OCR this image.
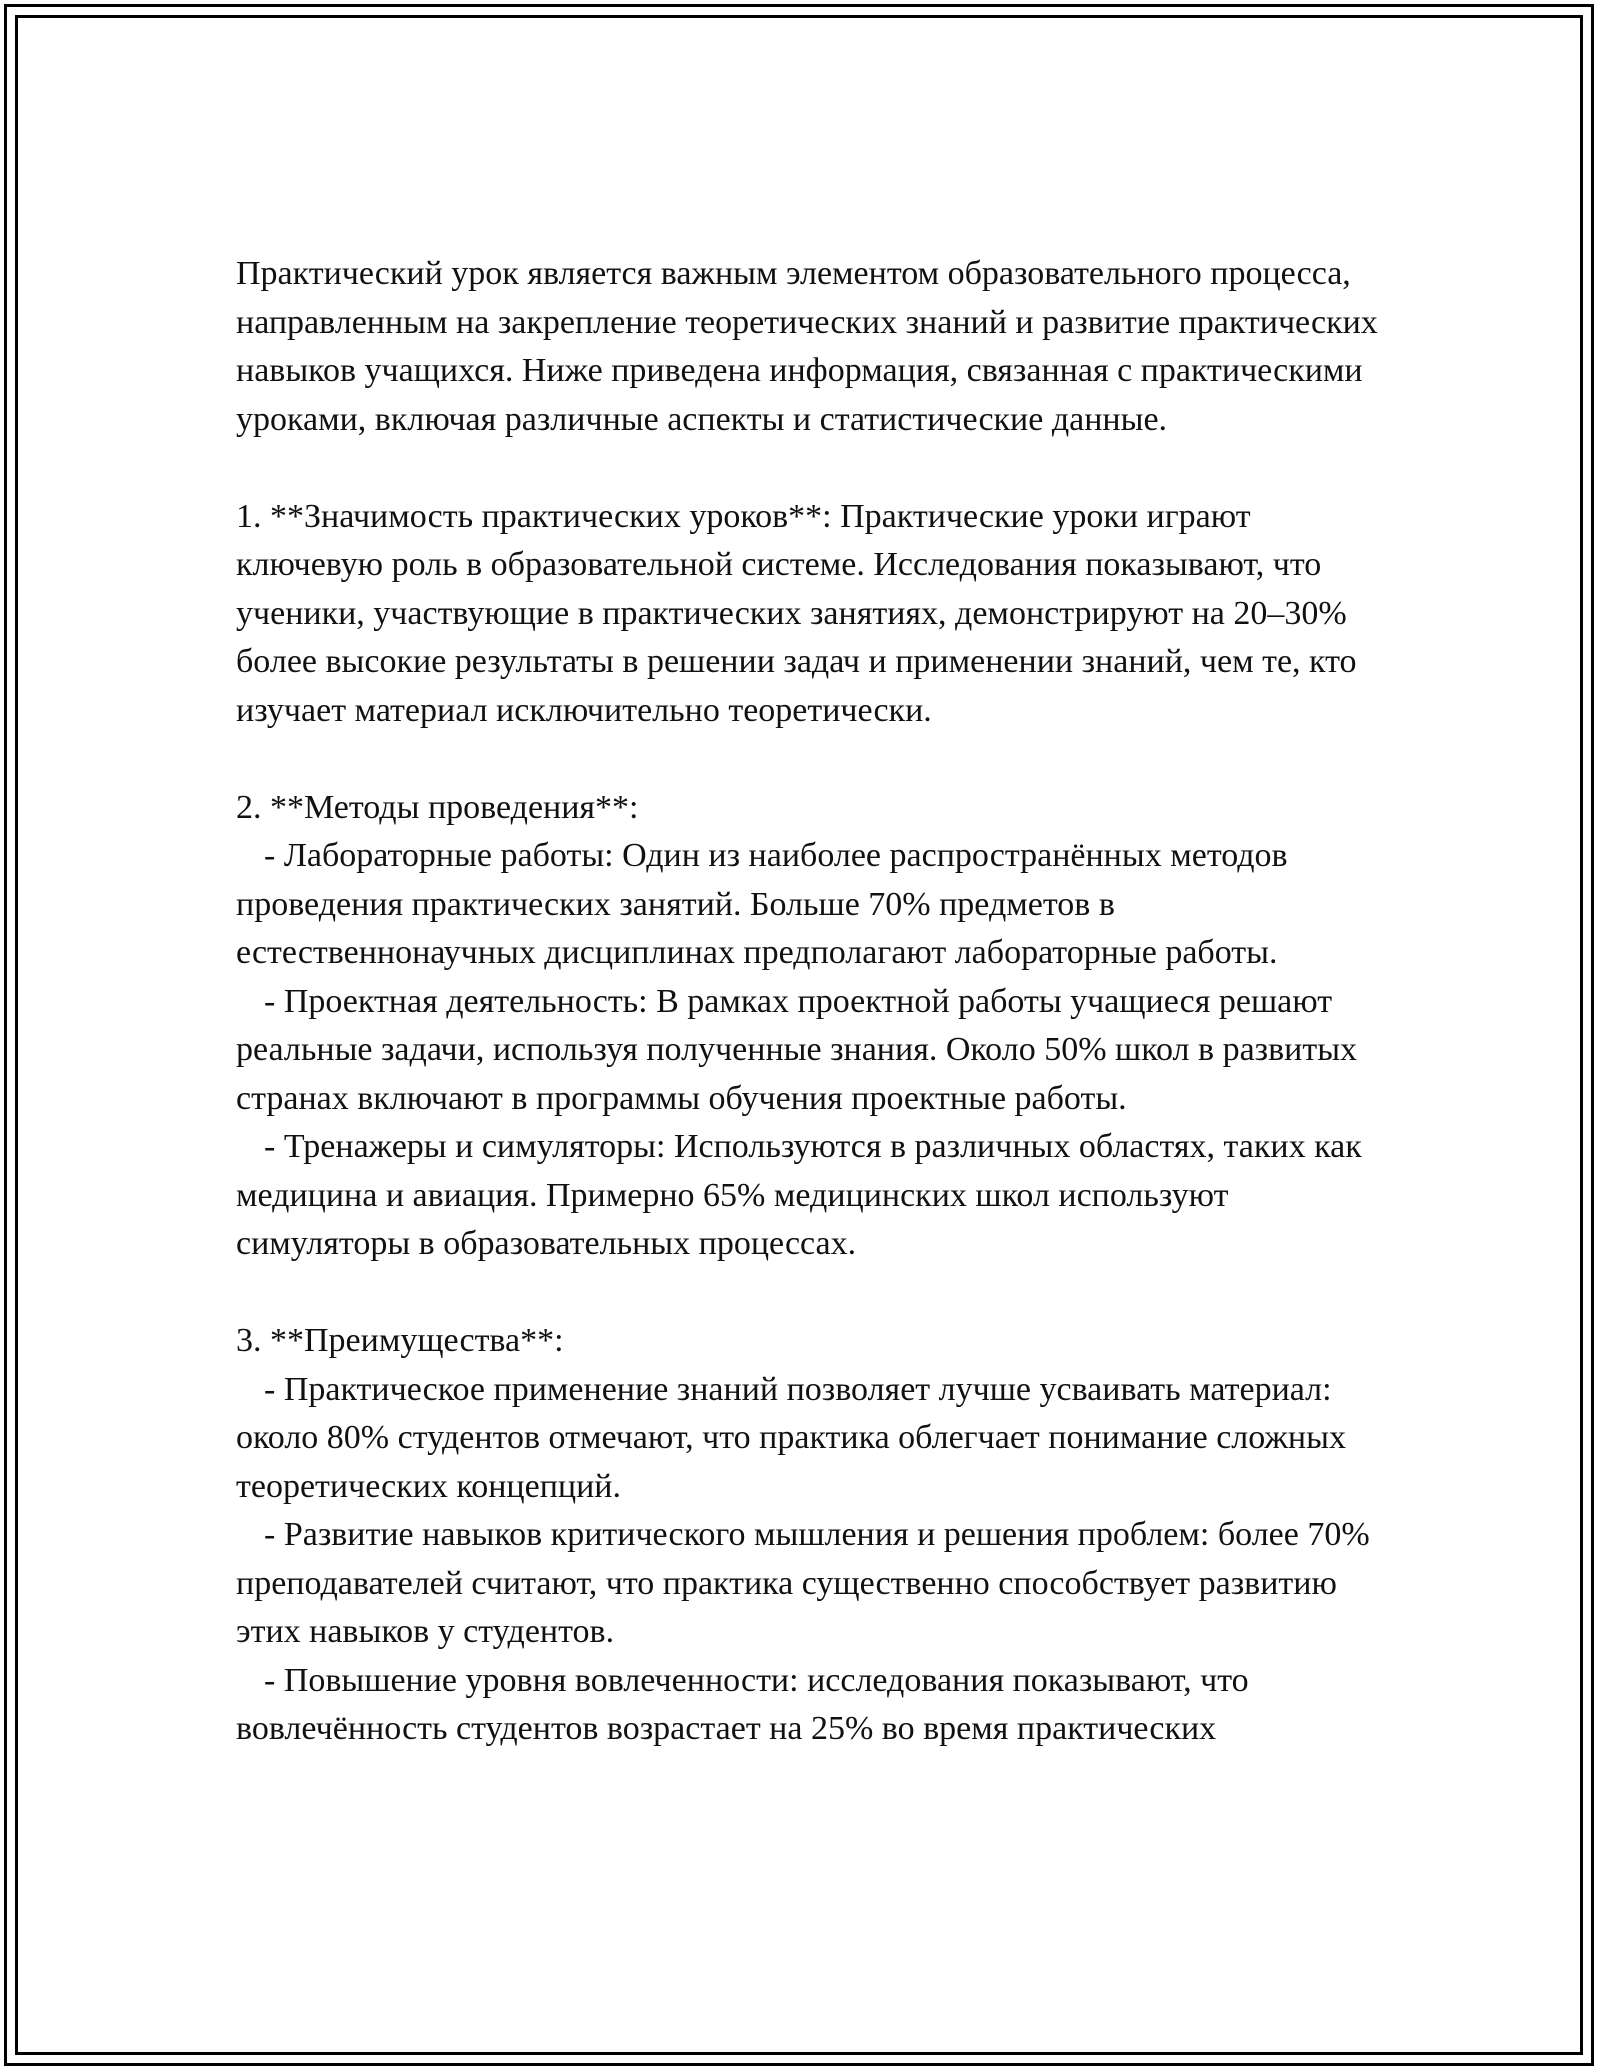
Практический урок является важным элементом образовательного процесса, направленным на закрепление теоретических знаний и развитие практических навыков учащихся. Ниже приведена информация, связанная с практическими уроками, включая различные аспекты и статистические данные.

1. **Значимость практических уроков**: Практические уроки играют ключевую роль в образовательной системе. Исследования показывают, что ученики, участвующие в практических занятиях, демонстрируют на 20–30% более высокие результаты в решении задач и применении знаний, чем те, кто изучает материал исключительно теоретически.

2. **Методы проведения**:

- Лабораторные работы: Один из наиболее распространённых методов проведения практических занятий. Больше 70% предметов в естественнонаучных дисциплинах предполагают лабораторные работы.

- Проектная деятельность: В рамках проектной работы учащиеся решают реальные задачи, используя полученные знания. Около 50% школ в развитых странах включают в программы обучения проектные работы.

- Тренажеры и симуляторы: Используются в различных областях, таких как медицина и авиация. Примерно 65% медицинских школ используют симуляторы в образовательных процессах.

3. **Преимущества**:

- Практическое применение знаний позволяет лучше усваивать материал: около 80% студентов отмечают, что практика облегчает понимание сложных теоретических концепций.

- Развитие навыков критического мышления и решения проблем: более 70% преподавателей считают, что практика существенно способствует развитию этих навыков у студентов.

- Повышение уровня вовлеченности: исследования показывают, что вовлечённость студентов возрастает на 25% во время практических
